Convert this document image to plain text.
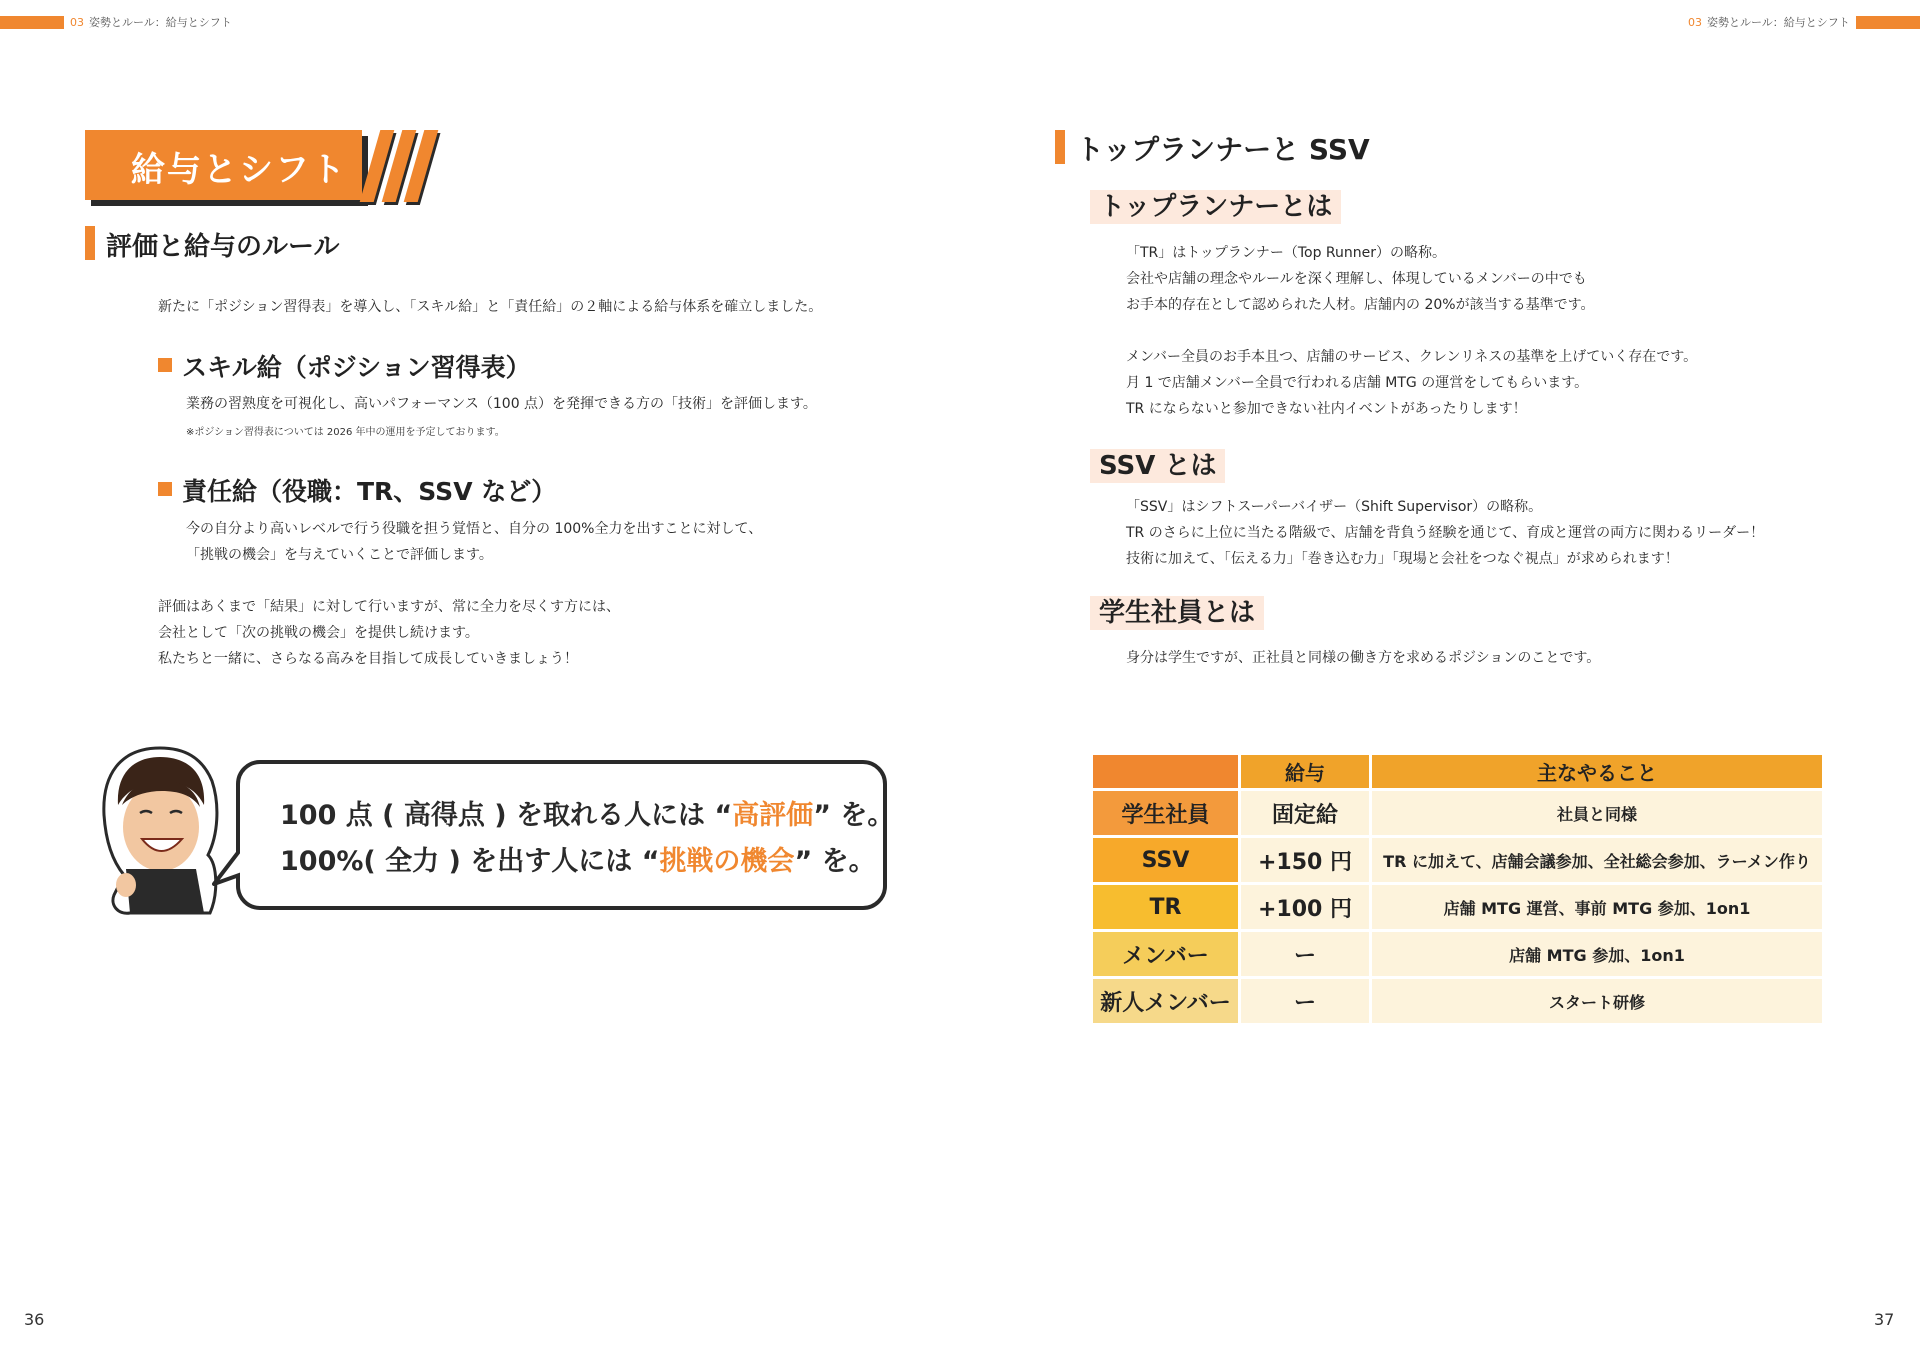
03 姿勢とルール：給与とシフト	03 姿勢とルール：給与とシフト
給与とシフト
評価と給与のルール
新たに「ポジション習得表」を導入し、「スキル給」と「責任給」の２軸による給与体系を確立しました。
スキル給（ポジション習得表）
業務の習熟度を可視化し、高いパフォーマンス（100 点）を発揮できる方の「技術」を評価します。
※ポジション習得表については 2026 年中の運用を予定しております。
責任給（役職：TR、SSV など）
今の自分より高いレベルで行う役職を担う覚悟と、自分の 100%全力を出すことに対して、
「挑戦の機会」を与えていくことで評価します。
評価はあくまで「結果」に対して行いますが、常に全力を尽くす方には、
会社として「次の挑戦の機会」を提供し続けます。
私たちと一緒に、さらなる高みを目指して成長していきましょう！
100 点 ( 高得点 ) を取れる人には “高評価” を。
100%( 全力 ) を出す人には “挑戦の機会” を。
36
トップランナーと SSV
トップランナーとは
「TR」はトップランナー（Top Runner）の略称。
会社や店舗の理念やルールを深く理解し、体現しているメンバーの中でも
お手本的存在として認められた人材。店舗内の 20%が該当する基準です。
メンバー全員のお手本且つ、店舗のサービス、クレンリネスの基準を上げていく存在です。
月 1 で店舗メンバー全員で行われる店舗 MTG の運営をしてもらいます。
TR にならないと参加できない社内イベントがあったりします！
SSV とは
「SSV」はシフトスーパーバイザー（Shift Supervisor）の略称。
TR のさらに上位に当たる階級で、店舗を背負う経験を通じて、育成と運営の両方に関わるリーダー！
技術に加えて、「伝える力」「巻き込む力」「現場と会社をつなぐ視点」が求められます！
学生社員とは
身分は学生ですが、正社員と同様の働き方を求めるポジションのことです。
	給与	主なやること
学生社員	固定給	社員と同様
SSV	+150 円	TR に加えて、店舗会議参加、全社総会参加、ラーメン作り
TR	+100 円	店舗 MTG 運営、事前 MTG 参加、1on1
メンバー	ー	店舗 MTG 参加、1on1
新人メンバー	ー	スタート研修
37
